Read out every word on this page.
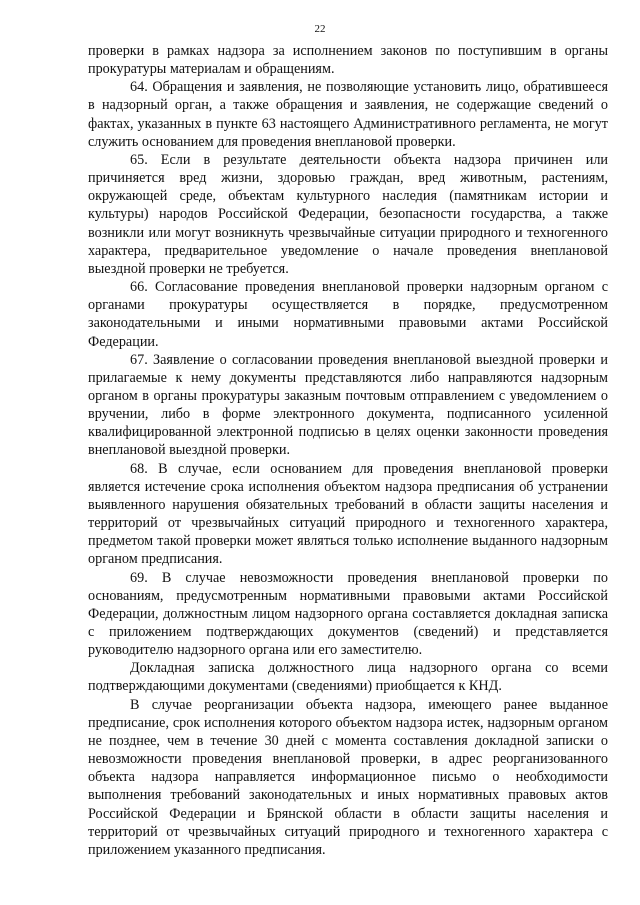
22

проверки в рамках надзора за исполнением законов по поступившим в органы прокуратуры материалам и обращениям.

64. Обращения и заявления, не позволяющие установить лицо, обратившееся в надзорный орган, а также обращения и заявления, не содержащие сведений о фактах, указанных в пункте 63 настоящего Административного регламента, не могут служить основанием для проведения внеплановой проверки.

65. Если в результате деятельности объекта надзора причинен или причиняется вред жизни, здоровью граждан, вред животным, растениям, окружающей среде, объектам культурного наследия (памятникам истории и культуры) народов Российской Федерации, безопасности государства, а также возникли или могут возникнуть чрезвычайные ситуации природного и техногенного характера, предварительное уведомление о начале проведения внеплановой выездной проверки не требуется.

66. Согласование проведения внеплановой проверки надзорным органом с органами прокуратуры осуществляется в порядке, предусмотренном законодательными и иными нормативными правовыми актами Российской Федерации.

67. Заявление о согласовании проведения внеплановой выездной проверки и прилагаемые к нему документы представляются либо направляются надзорным органом в органы прокуратуры заказным почтовым отправлением с уведомлением о вручении, либо в форме электронного документа, подписанного усиленной квалифицированной электронной подписью в целях оценки законности проведения внеплановой выездной проверки.

68. В случае, если основанием для проведения внеплановой проверки является истечение срока исполнения объектом надзора предписания об устранении выявленного нарушения обязательных требований в области защиты населения и территорий от чрезвычайных ситуаций природного и техногенного характера, предметом такой проверки может являться только исполнение выданного надзорным органом предписания.

69. В случае невозможности проведения внеплановой проверки по основаниям, предусмотренным нормативными правовыми актами Российской Федерации, должностным лицом надзорного органа составляется докладная записка с приложением подтверждающих документов (сведений) и представляется руководителю надзорного органа или его заместителю.

Докладная записка должностного лица надзорного органа со всеми подтверждающими документами (сведениями) приобщается к КНД.

В случае реорганизации объекта надзора, имеющего ранее выданное предписание, срок исполнения которого объектом надзора истек, надзорным органом не позднее, чем в течение 30 дней с момента составления докладной записки о невозможности проведения внеплановой проверки, в адрес реорганизованного объекта надзора направляется информационное письмо о необходимости выполнения требований законодательных и иных нормативных правовых актов Российской Федерации и Брянской области в области защиты населения и территорий от чрезвычайных ситуаций природного и техногенного характера с приложением указанного предписания.
